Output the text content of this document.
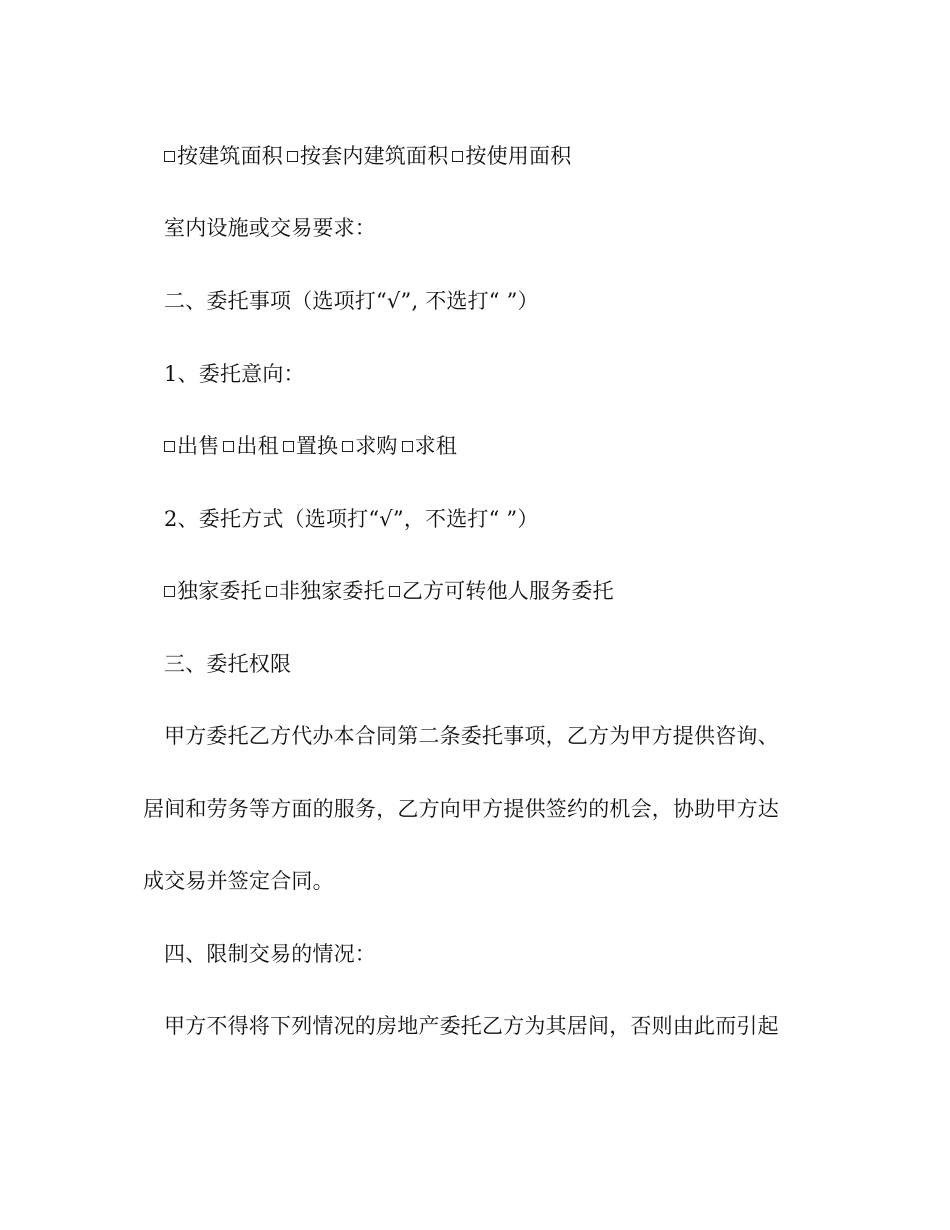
按建筑面积 按套内建筑面积 按使用面积
室内设施或交易要求：
二、委托事项（选项打“√”, 不选打“ ”）
1、委托意向：
出售 出租 置换 求购 求租
2、委托方式（选项打“√”，不选打“ ”）
独家委托 非独家委托 乙方可转他人服务委托
三、委托权限
甲方委托乙方代办本合同第二条委托事项，乙方为甲方提供咨询、
居间和劳务等方面的服务，乙方向甲方提供签约的机会，协助甲方达
成交易并签定合同。
四、限制交易的情况：
甲方不得将下列情况的房地产委托乙方为其居间，否则由此而引起
